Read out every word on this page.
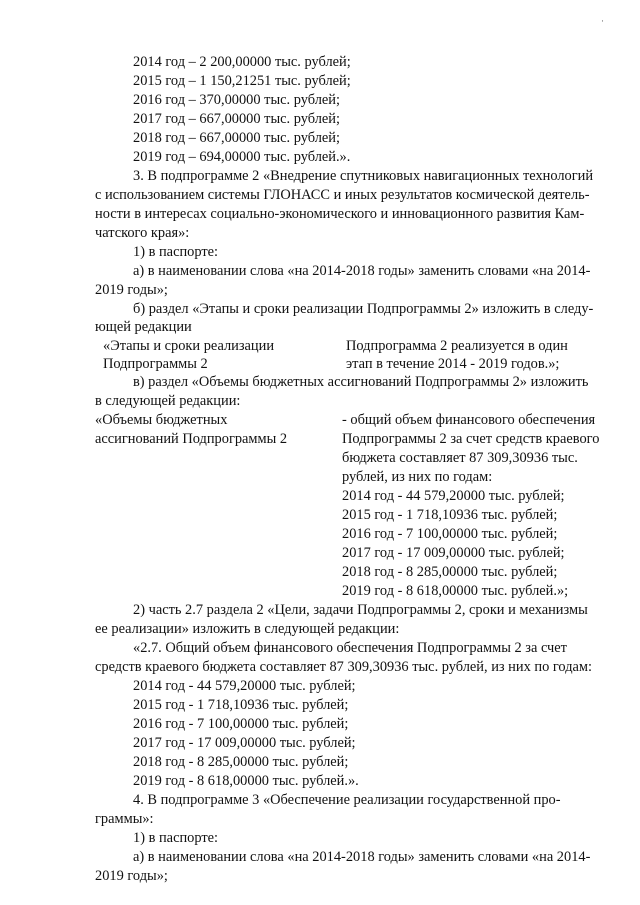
·
2014 год – 2 200,00000 тыс. рублей;
2015 год – 1 150,21251 тыс. рублей;
2016 год – 370,00000 тыс. рублей;
2017 год – 667,00000 тыс. рублей;
2018 год – 667,00000 тыс. рублей;
2019 год – 694,00000 тыс. рублей.».
3. В подпрограмме 2 «Внедрение спутниковых навигационных технологий
с использованием системы ГЛОНАСС и иных результатов космической деятель-
ности в интересах социально-экономического и инновационного развития Кам-
чатского края»:
1) в паспорте:
а) в наименовании слова «на 2014-2018 годы» заменить словами «на 2014-
2019 годы»;
б) раздел «Этапы и сроки реализации Подпрограммы 2» изложить в следу-
ющей редакции
«Этапы и сроки реализации	Подпрограмма 2 реализуется в один
Подпрограммы 2	этап в течение 2014 - 2019 годов.»;
в) раздел «Объемы бюджетных ассигнований Подпрограммы 2» изложить
в следующей редакции:
«Объемы бюджетных	- общий объем финансового обеспечения
ассигнований Подпрограммы 2	Подпрограммы 2 за счет средств краевого
бюджета составляет 87 309,30936 тыс.
рублей, из них по годам:
2014 год - 44 579,20000 тыс. рублей;
2015 год - 1 718,10936 тыс. рублей;
2016 год - 7 100,00000 тыс. рублей;
2017 год - 17 009,00000 тыс. рублей;
2018 год - 8 285,00000 тыс. рублей;
2019 год - 8 618,00000 тыс. рублей.»;
2) часть 2.7 раздела 2 «Цели, задачи Подпрограммы 2, сроки и механизмы
ее реализации» изложить в следующей редакции:
«2.7. Общий объем финансового обеспечения Подпрограммы 2 за счет
средств краевого бюджета составляет 87 309,30936 тыс. рублей, из них по годам:
2014 год - 44 579,20000 тыс. рублей;
2015 год - 1 718,10936 тыс. рублей;
2016 год - 7 100,00000 тыс. рублей;
2017 год - 17 009,00000 тыс. рублей;
2018 год - 8 285,00000 тыс. рублей;
2019 год - 8 618,00000 тыс. рублей.».
4. В подпрограмме 3 «Обеспечение реализации государственной про-
граммы»:
1) в паспорте:
а) в наименовании слова «на 2014-2018 годы» заменить словами «на 2014-
2019 годы»;
